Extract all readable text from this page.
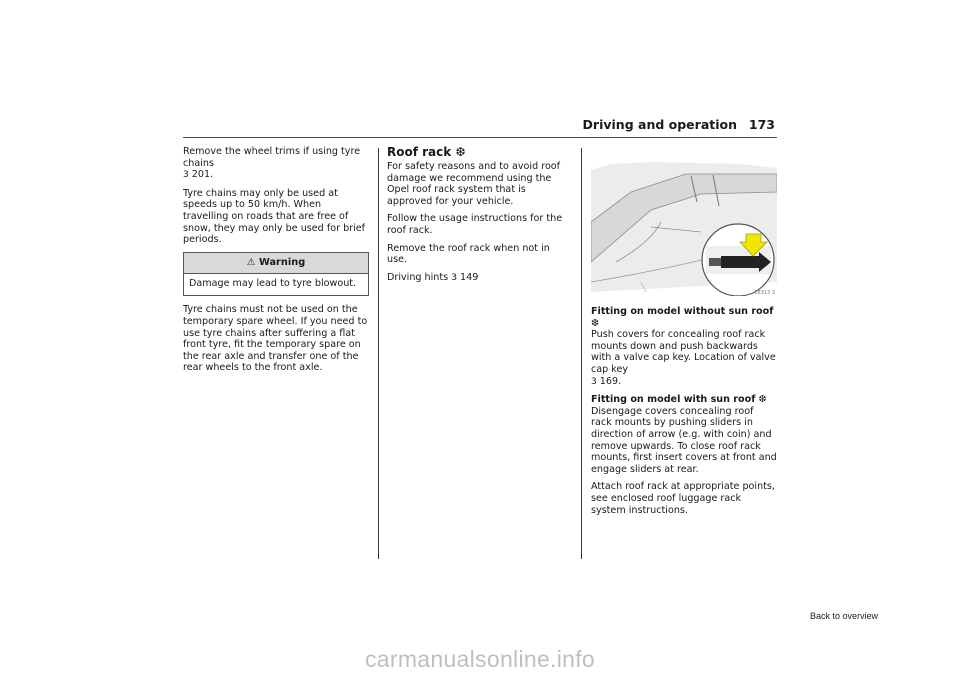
Driving and operation 173

Remove the wheel trims if using tyre chains
3 201.

Tyre chains may only be used at speeds up to 50 km/h. When travelling on roads that are free of snow, they may only be used for brief periods.

⚠ Warning
Damage may lead to tyre blowout.

Tyre chains must not be used on the temporary spare wheel. If you need to use tyre chains after suffering a flat front tyre, fit the temporary spare on the rear axle and transfer one of the rear wheels to the front axle.

Roof rack ❆

For safety reasons and to avoid roof damage we recommend using the Opel roof rack system that is approved for your vehicle.

Follow the usage instructions for the roof rack.

Remove the roof rack when not in use.

Driving hints 3 149

18313 S

Fitting on model without sun roof ❆
Push covers for concealing roof rack mounts down and push backwards with a valve cap key. Location of valve cap key
3 169.

Fitting on model with sun roof ❆
Disengage covers concealing roof rack mounts by pushing sliders in direction of arrow (e.g. with coin) and remove upwards. To close roof rack mounts, first insert covers at front and engage sliders at rear.

Attach roof rack at appropriate points, see enclosed roof luggage rack system instructions.

Back to overview
carmanualsonline.info
